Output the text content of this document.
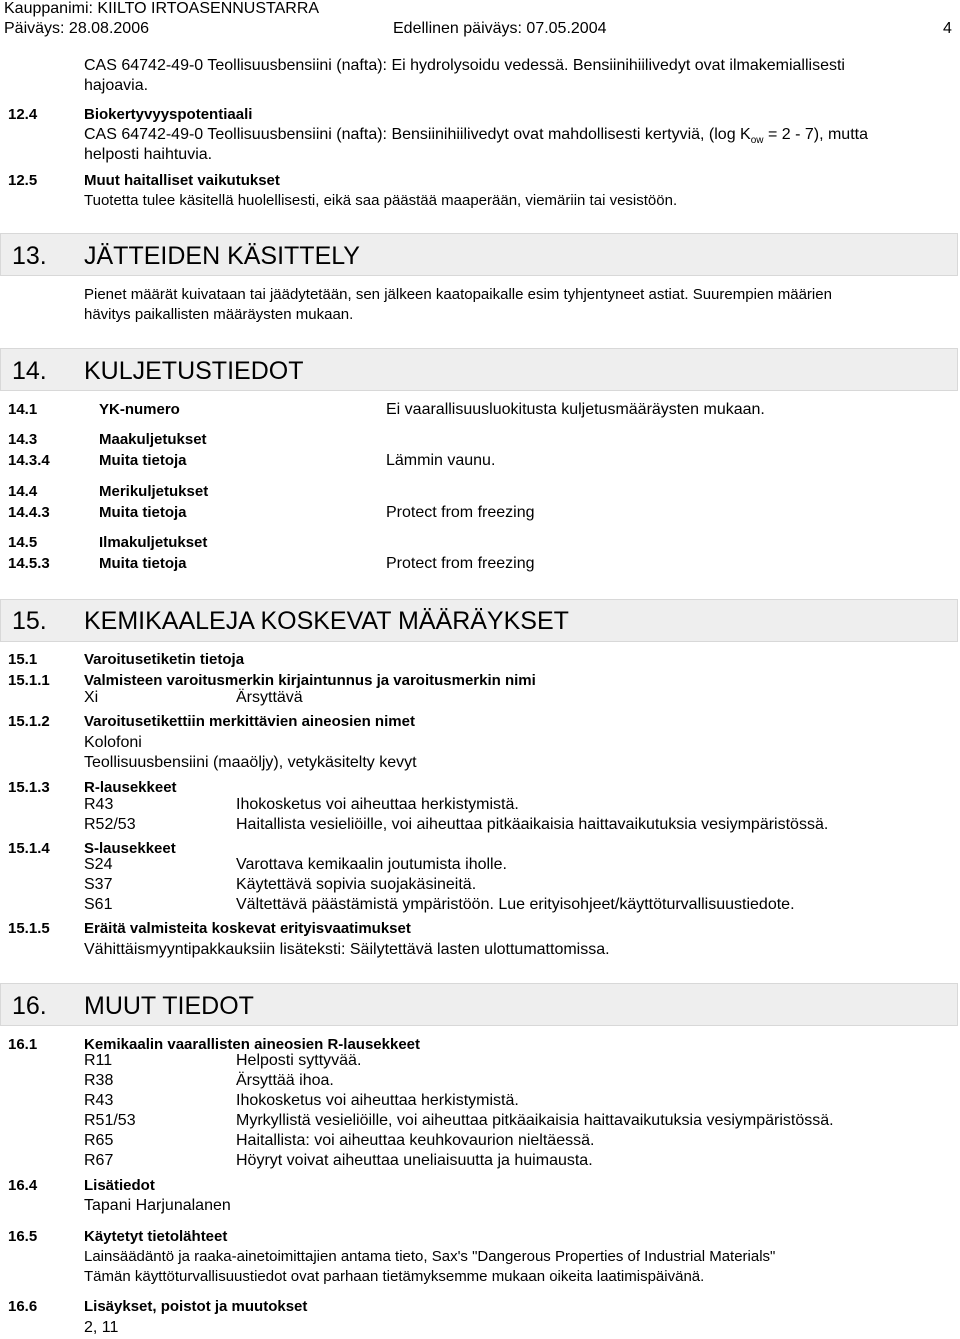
Kauppanimi: KIILTO IRTOASENNUSTARRA
Päiväys: 28.08.2006	Edellinen päiväys: 07.05.2004	4
CAS 64742-49-0 Teollisuusbensiini (nafta): Ei hydrolysoidu vedessä. Bensiinihiilivedyt ovat ilmakemiallisesti
hajoavia.
12.4	Biokertyvyyspotentiaali
CAS 64742-49-0 Teollisuusbensiini (nafta): Bensiinihiilivedyt ovat mahdollisesti kertyviä, (log $K_{ow} = 2 - 7$), mutta
helposti haihtuvia.
12.5	Muut haitalliset vaikutukset
Tuotetta tulee käsitellä huolellisesti, eikä saa päästää maaperään, viemäriin tai vesistöön.
13. JÄTTEIDEN KÄSITTELY
Pienet määrät kuivataan tai jäädytetään, sen jälkeen kaatopaikalle esim tyhjentyneet astiat. Suurempien määrien
hävitys paikallisten määräysten mukaan.
14. KULJETUSTIEDOT
14.1	YK-numero	Ei vaarallisuusluokitusta kuljetusmääräysten mukaan.
14.3	Maakuljetukset
14.3.4	Muita tietoja	Lämmin vaunu.
14.4	Merikuljetukset
14.4.3	Muita tietoja	Protect from freezing
14.5	Ilmakuljetukset
14.5.3	Muita tietoja	Protect from freezing
15. KEMIKAALEJA KOSKEVAT MÄÄRÄYKSET
15.1	Varoitusetiketin tietoja
15.1.1 Valmisteen varoitusmerkin kirjaintunnus ja varoitusmerkin nimi
Xi	Ärsyttävä
15.1.2 Varoitusetikettiin merkittävien aineosien nimet
Kolofoni
Teollisuusbensiini (maaöljy), vetykäsitelty kevyt
15.1.3 R-lausekkeet
R43	Ihokosketus voi aiheuttaa herkistymistä.
R52/53	Haitallista vesieliöille, voi aiheuttaa pitkäaikaisia haittavaikutuksia vesiympäristössä.
15.1.4 S-lausekkeet
S24	Varottava kemikaalin joutumista iholle.
S37	Käytettävä sopivia suojakäsineitä.
S61	Vältettävä päästämistä ympäristöön. Lue erityisohjeet/käyttöturvallisuustiedote.
15.1.5 Eräitä valmisteita koskevat erityisvaatimukset
Vähittäismyyntipakkauksiin lisäteksti: Säilytettävä lasten ulottumattomissa.
16. MUUT TIEDOT
16.1	Kemikaalin vaarallisten aineosien R-lausekkeet
R11	Helposti syttyvää.
R38	Ärsyttää ihoa.
R43	Ihokosketus voi aiheuttaa herkistymistä.
R51/53	Myrkyllistä vesieliöille, voi aiheuttaa pitkäaikaisia haittavaikutuksia vesiympäristössä.
R65	Haitallista: voi aiheuttaa keuhkovaurion nieltäessä.
R67	Höyryt voivat aiheuttaa uneliaisuutta ja huimausta.
16.4	Lisätiedot
Tapani Harjunalanen
16.5	Käytetyt tietolähteet
Lainsäädäntö ja raaka-ainetoimittajien antama tieto, Sax's "Dangerous Properties of Industrial Materials"
Tämän käyttöturvallisuustiedot ovat parhaan tietämyksemme mukaan oikeita laatimispäivänä.
16.6	Lisäykset, poistot ja muutokset
2, 11
